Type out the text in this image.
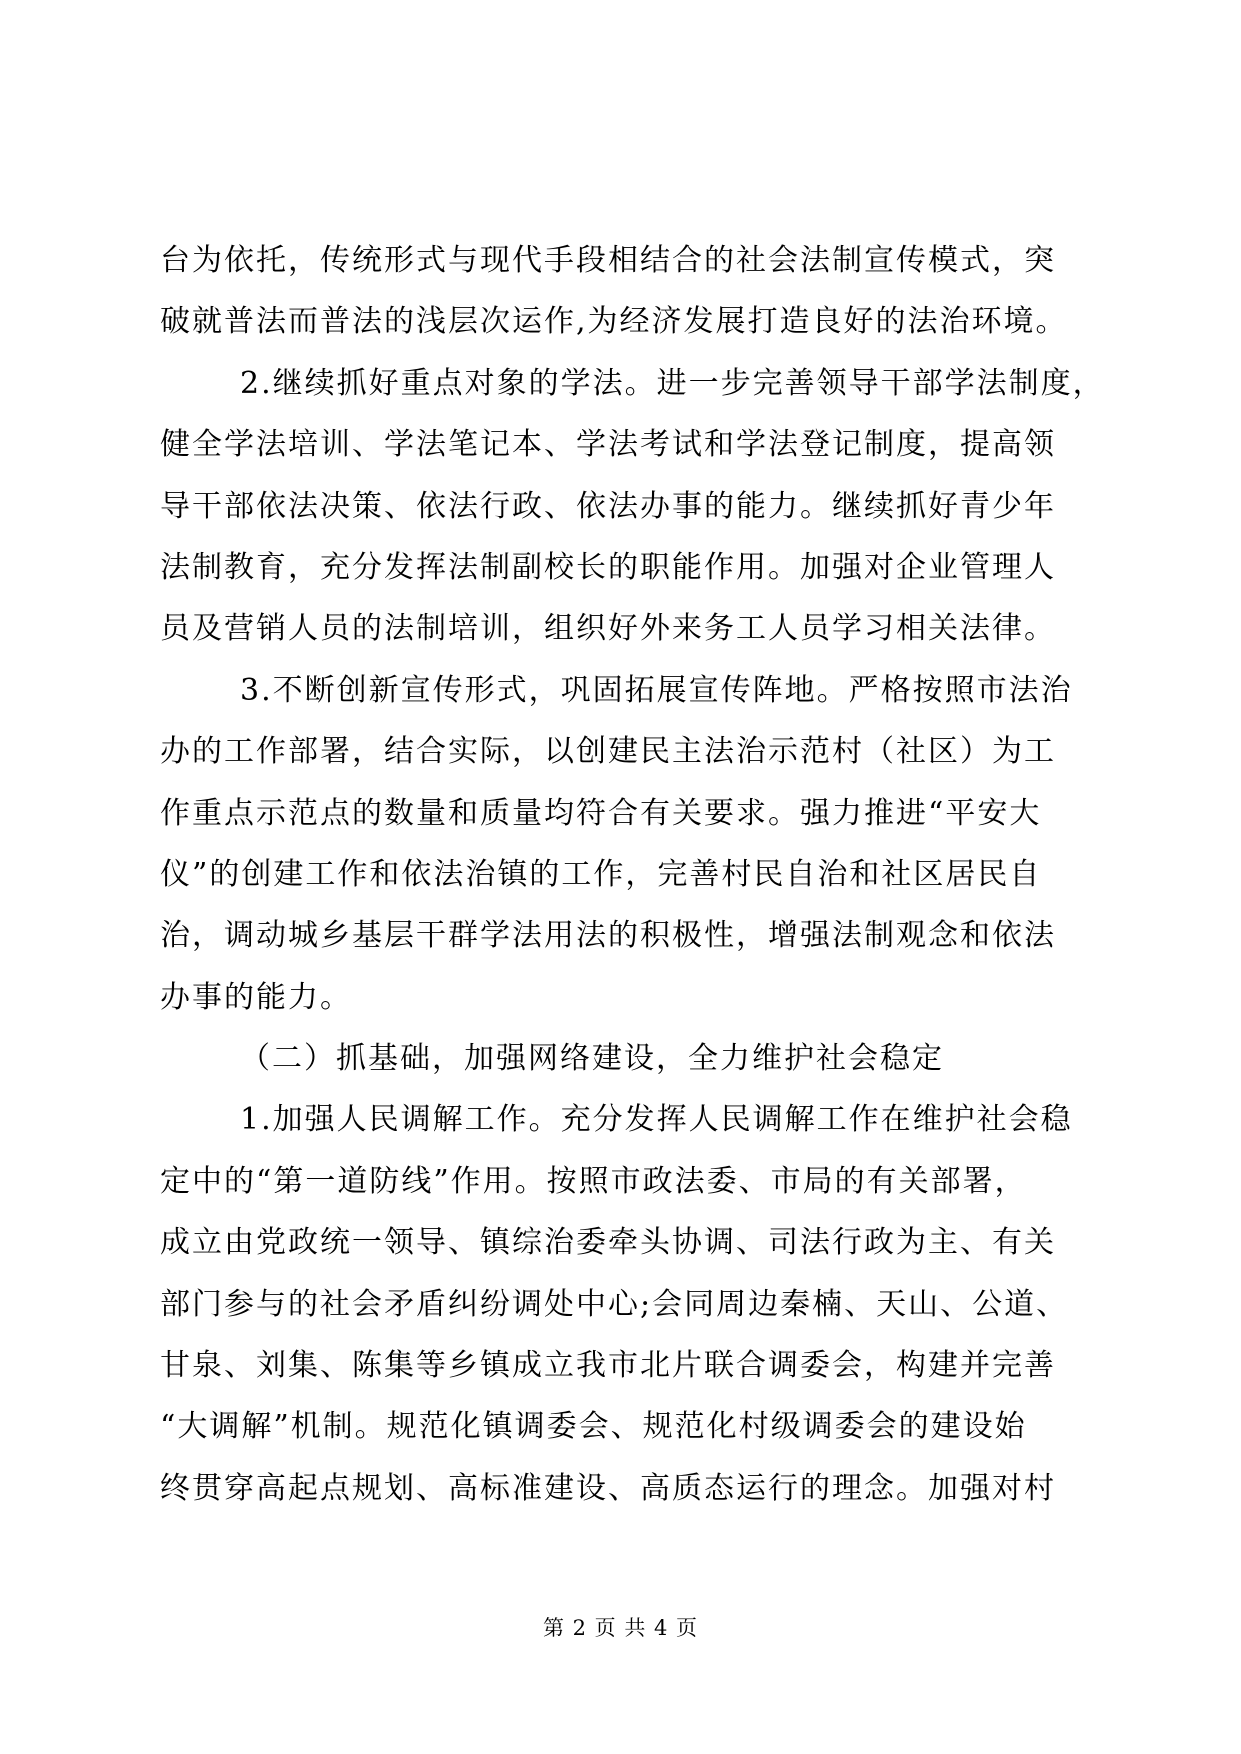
台为依托，传统形式与现代手段相结合的社会法制宣传模式，突
破就普法而普法的浅层次运作,为经济发展打造良好的法治环境。
2.继续抓好重点对象的学法。进一步完善领导干部学法制度，
健全学法培训、学法笔记本、学法考试和学法登记制度，提高领
导干部依法决策、依法行政、依法办事的能力。继续抓好青少年
法制教育，充分发挥法制副校长的职能作用。加强对企业管理人
员及营销人员的法制培训，组织好外来务工人员学习相关法律。
3.不断创新宣传形式，巩固拓展宣传阵地。严格按照市法治
办的工作部署，结合实际，以创建民主法治示范村（社区）为工
作重点示范点的数量和质量均符合有关要求。强力推进“平安大
仪”的创建工作和依法治镇的工作，完善村民自治和社区居民自
治，调动城乡基层干群学法用法的积极性，增强法制观念和依法
办事的能力。
（二）抓基础，加强网络建设，全力维护社会稳定
1.加强人民调解工作。充分发挥人民调解工作在维护社会稳
定中的“第一道防线”作用。按照市政法委、市局的有关部署，
成立由党政统一领导、镇综治委牵头协调、司法行政为主、有关
部门参与的社会矛盾纠纷调处中心;会同周边秦楠、天山、公道、
甘泉、刘集、陈集等乡镇成立我市北片联合调委会，构建并完善
“大调解”机制。规范化镇调委会、规范化村级调委会的建设始
终贯穿高起点规划、高标准建设、高质态运行的理念。加强对村
第 2 页 共 4 页
